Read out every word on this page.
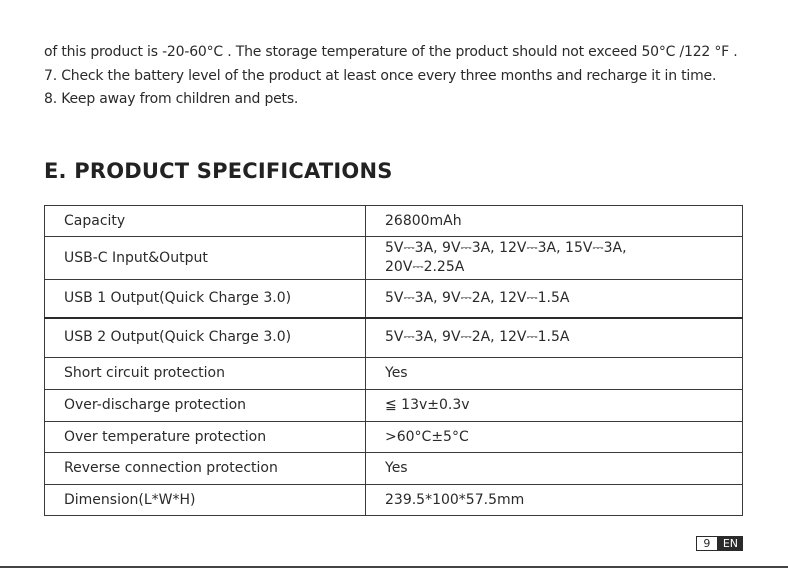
of this product is -20-60°C . The storage temperature of the product should not exceed 50°C /122 °F .

7. Check the battery level of the product at least once every three months and recharge it in time.

8. Keep away from children and pets.

E. PRODUCT SPECIFICATIONS
Capacity	26800mAh
USB-C Input&Output	5V⎓3A, 9V⎓3A, 12V⎓3A, 15V⎓3A,
20V⎓2.25A

USB 1 Output(Quick Charge 3.0)	5V⎓3A, 9V⎓2A, 12V⎓1.5A
USB 2 Output(Quick Charge 3.0)	5V⎓3A, 9V⎓2A, 12V⎓1.5A
Short circuit protection	Yes
Over-discharge protection	≦ 13v±0.3v
Over temperature protection	>60°C±5°C
Reverse connection protection	Yes
Dimension(L*W*H)	239.5*100*57.5mm
9	EN
